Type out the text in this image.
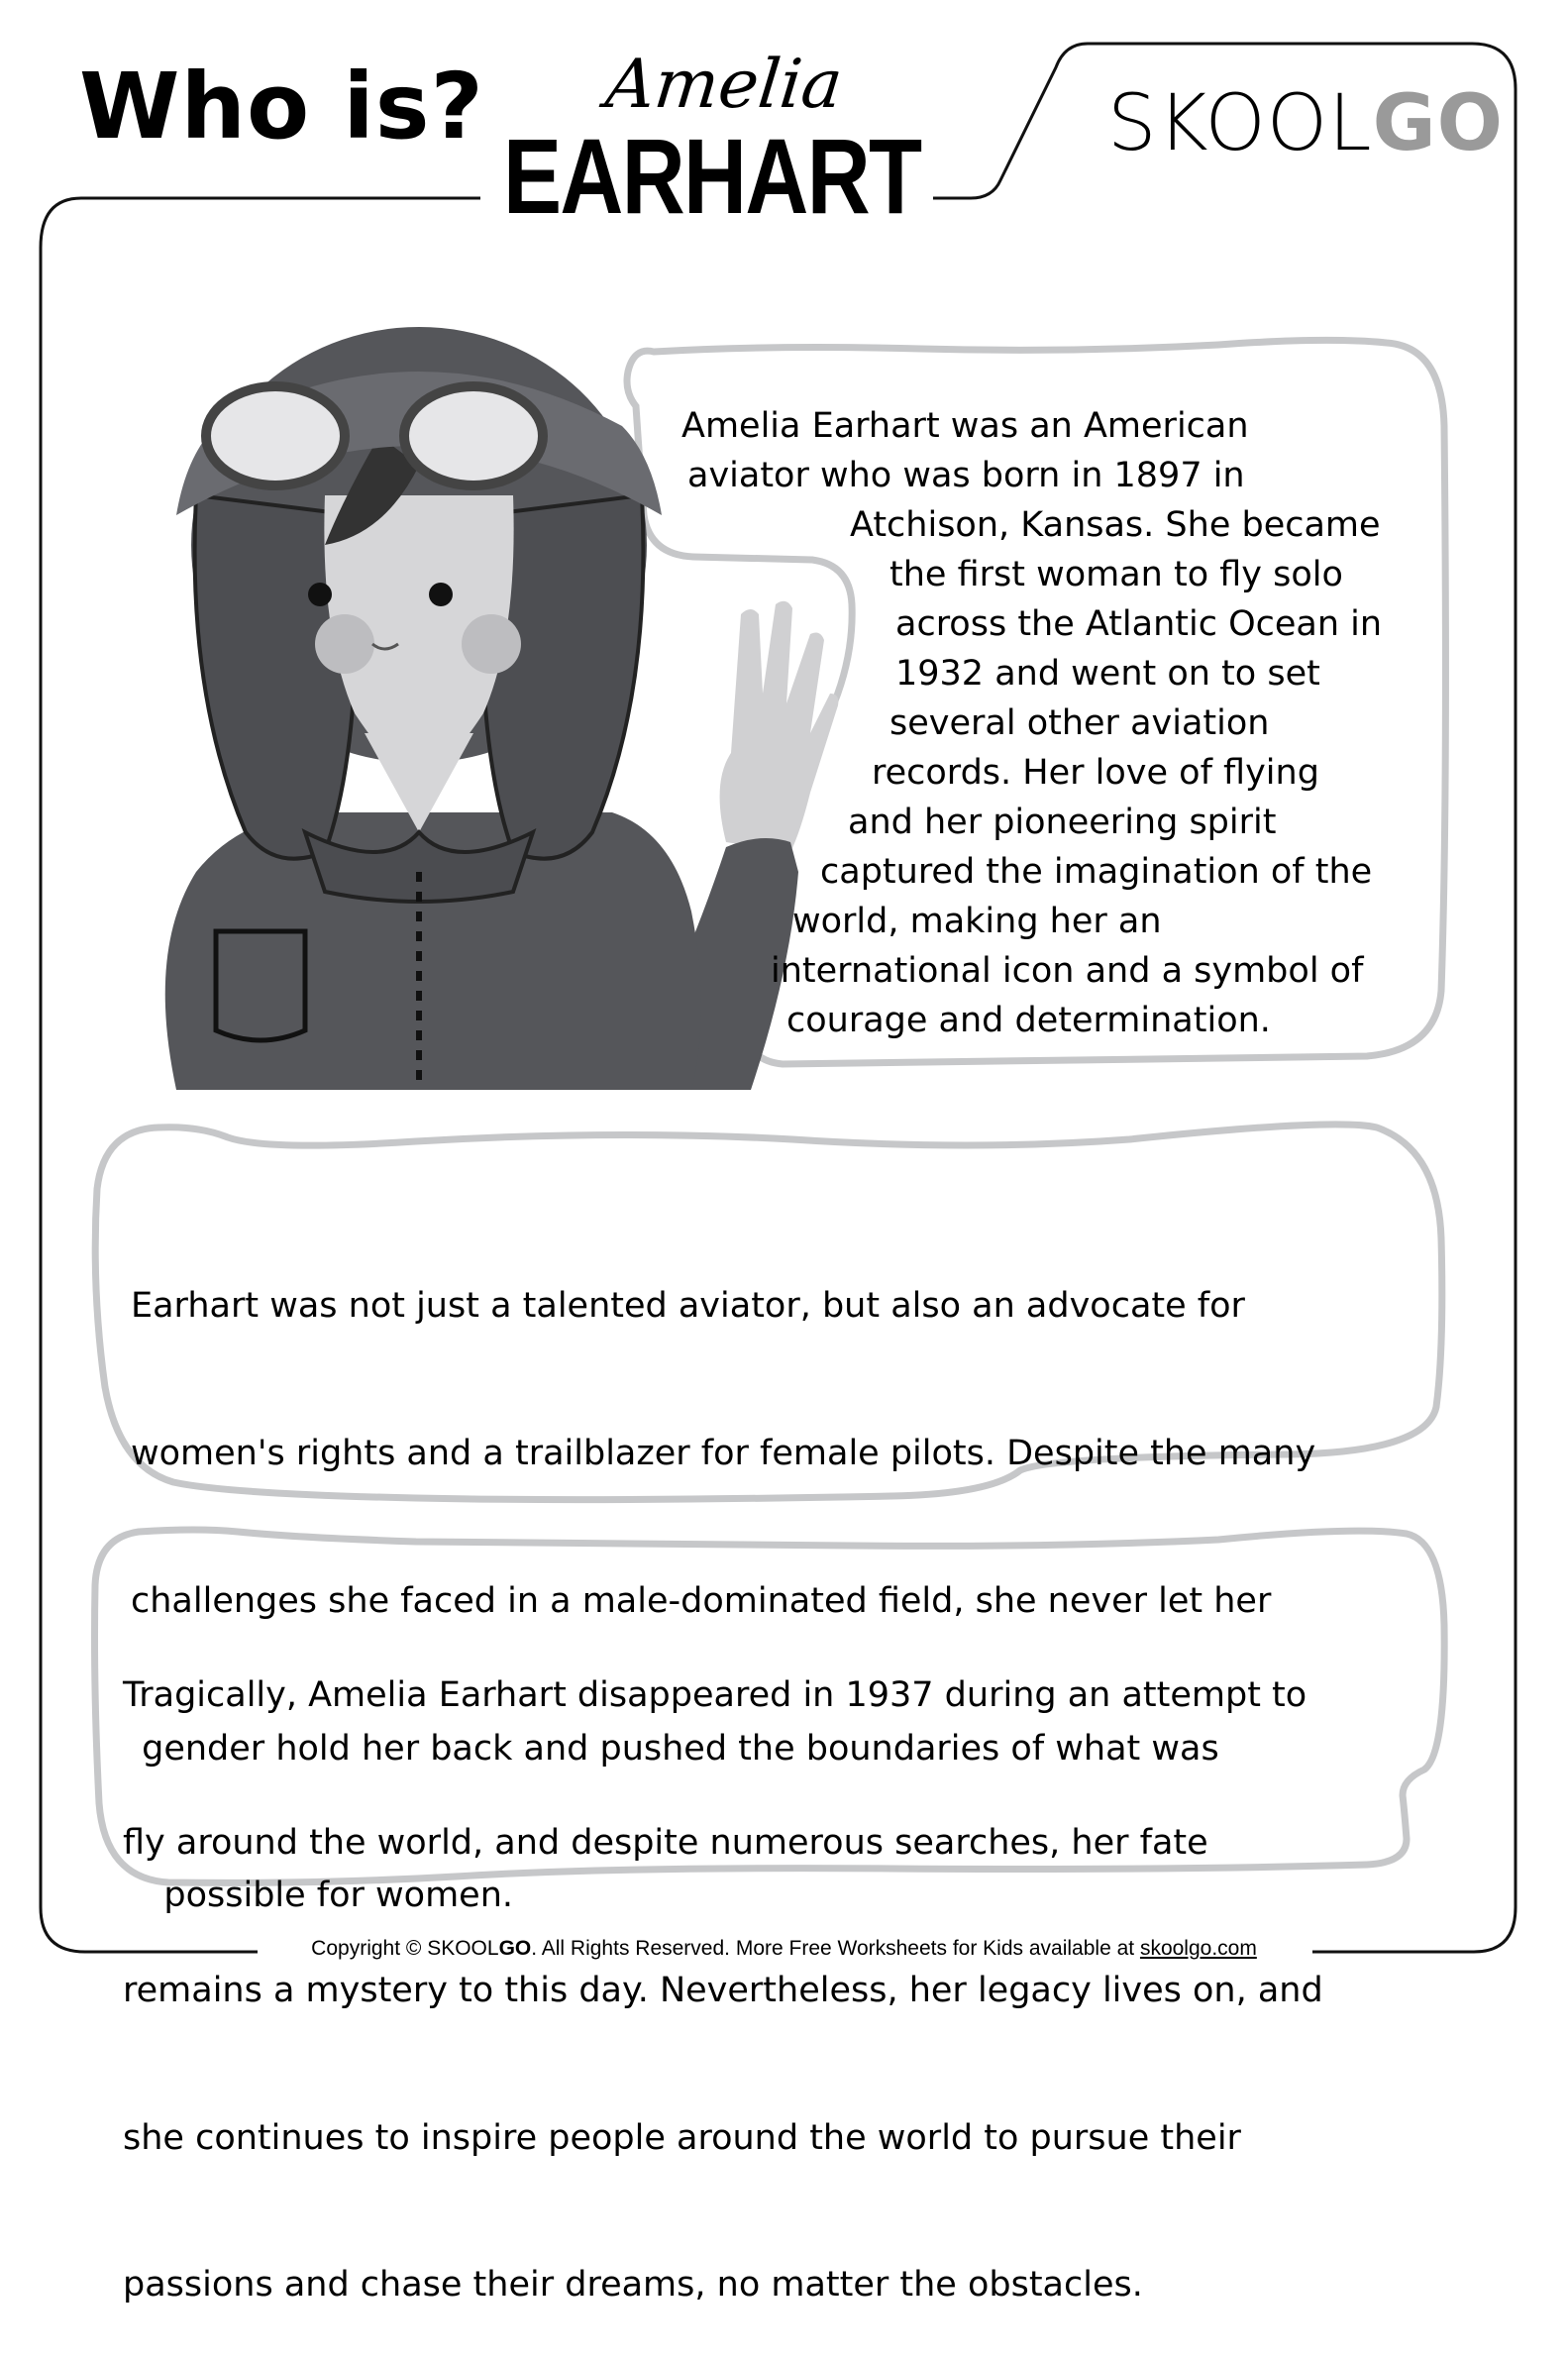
Who is? Amelia
EARHART SKOOLGO

Amelia Earhart was an American

aviator who was born in 1897 in

Atchison, Kansas. She became

the first woman to fly solo

across the Atlantic Ocean in

1932 and went on to set

several other aviation

records. Her love of flying

and her pioneering spirit

captured the imagination of the

world, making her an

international icon and a symbol of

courage and determination.

Earhart was not just a talented aviator, but also an advocate for

women's rights and a trailblazer for female pilots. Despite the many

challenges she faced in a male-dominated field, she never let her

gender hold her back and pushed the boundaries of what was

possible for women.

Tragically, Amelia Earhart disappeared in 1937 during an attempt to

fly around the world, and despite numerous searches, her fate

remains a mystery to this day. Nevertheless, her legacy lives on, and

she continues to inspire people around the world to pursue their

passions and chase their dreams, no matter the obstacles.

Copyright © SKOOLGO. All Rights Reserved. More Free Worksheets for Kids available at skoolgo.com
